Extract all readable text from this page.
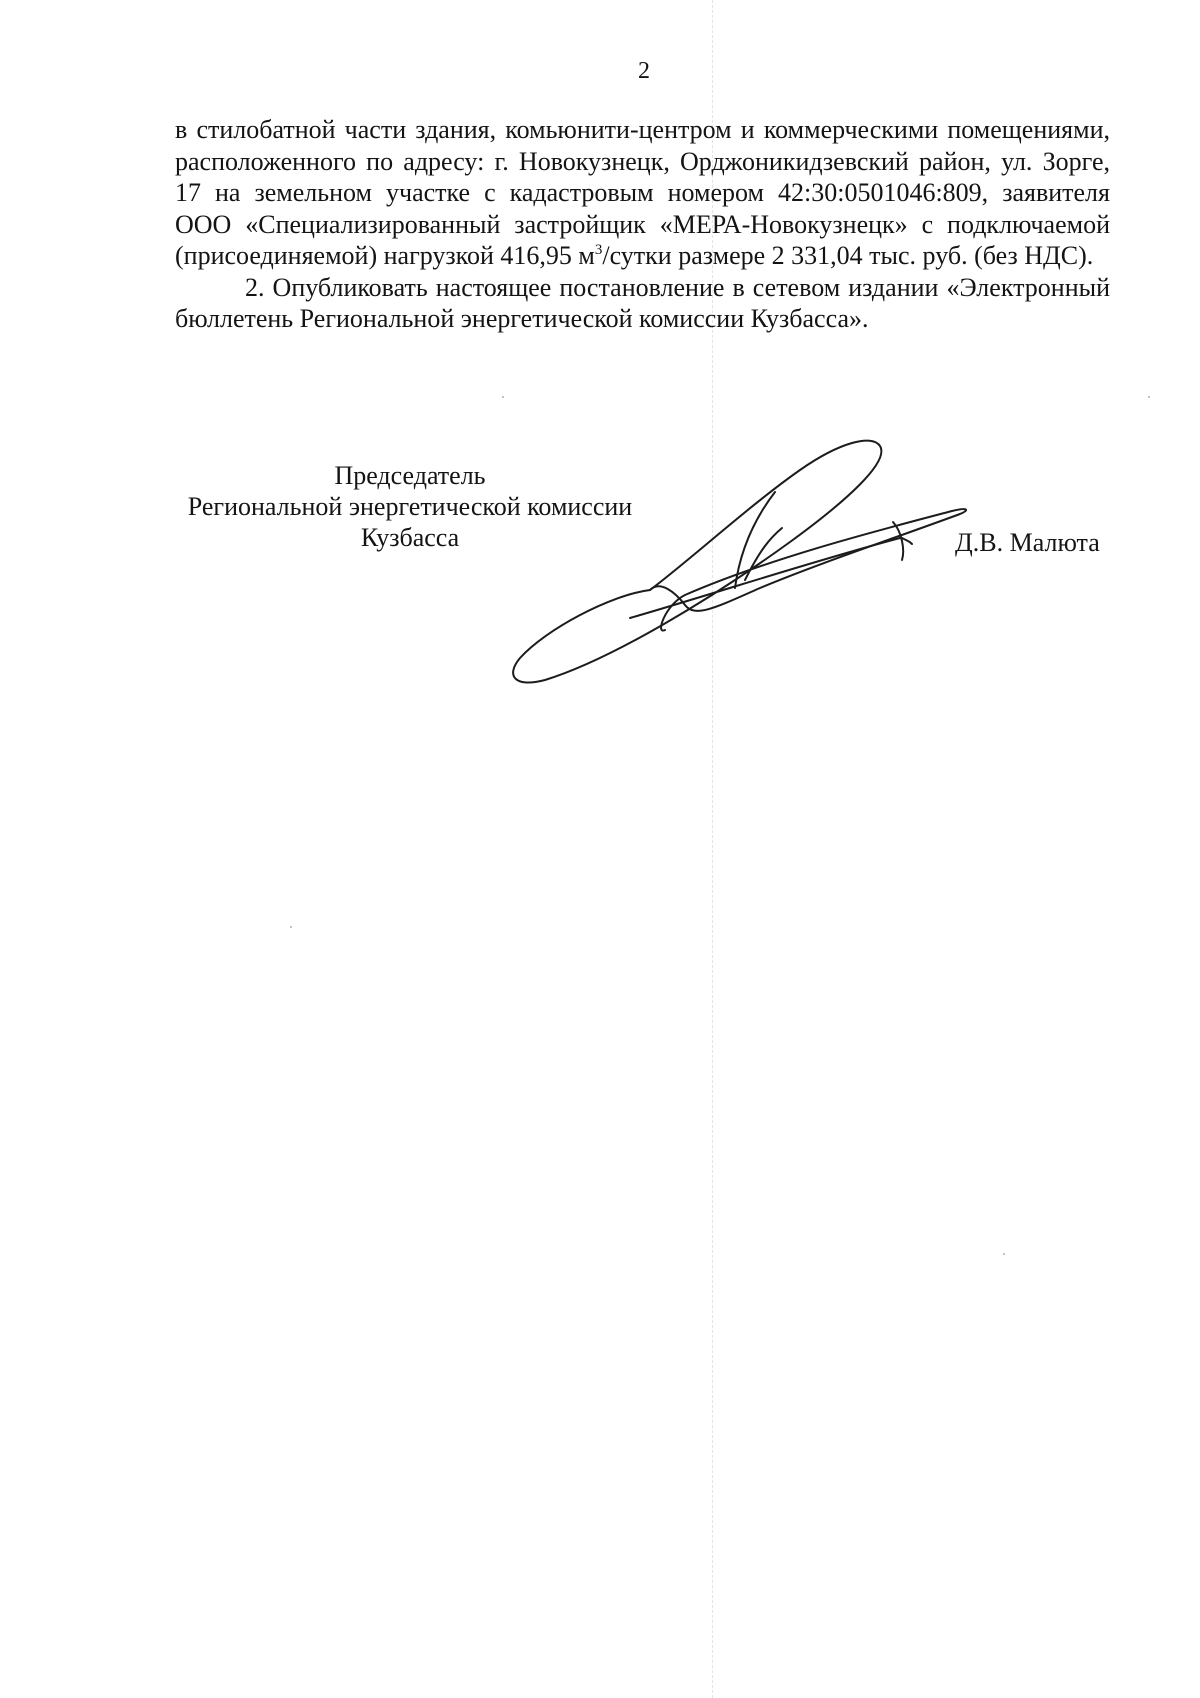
2

в стилобатной части здания, комьюнити-центром и коммерческими помещениями, расположенного по адресу: г. Новокузнецк, Орджоникидзевский район, ул. Зорге, 17 на земельном участке с кадастровым номером 42:30:0501046:809, заявителя ООО «Специализированный застройщик «МЕРА-Новокузнецк» с подключаемой (присоединяемой) нагрузкой 416,95 $м^3$/сутки размере 2 331,04 тыс. руб. (без НДС).

2. Опубликовать настоящее постановление в сетевом издании «Электронный бюллетень Региональной энергетической комиссии Кузбасса».

Председатель
Региональной энергетической комиссии
Кузбасса	Д.В. Малюта
